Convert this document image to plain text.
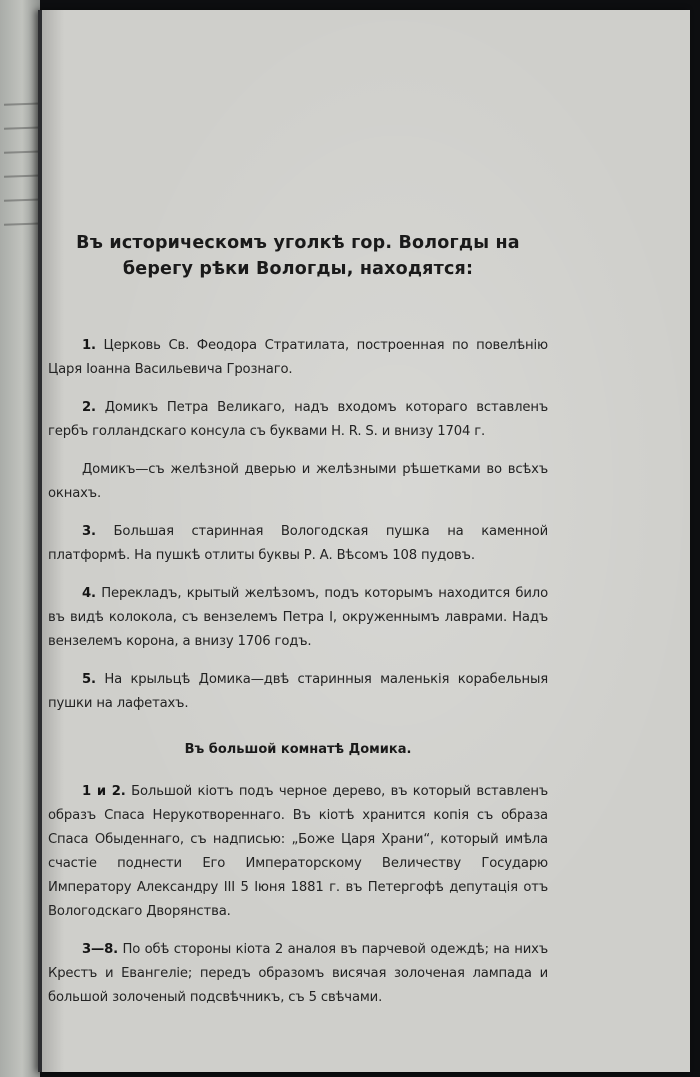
Въ историческомъ уголкѣ гор. Вологды на
берегу рѣки Вологды, находятся:

1. Церковь Св. Феодора Стратилата, построенная по повелѣнію Царя Іоанна Васильевича Грознаго.

2. Домикъ Петра Великаго, надъ входомъ котораго вставленъ гербъ голландскаго консула съ буквами H. R. S. и внизу 1704 г.

Домикъ—съ желѣзной дверью и желѣзными рѣшетками во всѣхъ окнахъ.

3. Большая старинная Вологодская пушка на каменной платформѣ. На пушкѣ отлиты буквы Р. А. Вѣсомъ 108 пудовъ.

4. Перекладъ, крытый желѣзомъ, подъ которымъ находится било въ видѣ колокола, съ вензелемъ Петра I, окруженнымъ лаврами. Надъ вензелемъ корона, а внизу 1706 годъ.

5. На крыльцѣ Домика—двѣ старинныя маленькія корабельныя пушки на лафетахъ.

Въ большой комнатѣ Домика.

1 и 2. Большой кіотъ подъ черное дерево, въ который вставленъ образъ Спаса Нерукотвореннаго. Въ кіотѣ хранится копія съ образа Спаса Обыденнаго, съ надписью: „Боже Царя Храни“, который имѣла счастіе поднести Его Императорскому Величеству Государю Императору Александру III 5 Іюня 1881 г. въ Петергофѣ депутація отъ Вологодскаго Дворянства.

3—8. По обѣ стороны кіота 2 аналоя въ парчевой одеждѣ; на нихъ Крестъ и Евангеліе; передъ образомъ висячая золоченая лампада и большой золоченый подсвѣчникъ, съ 5 свѣчами.
